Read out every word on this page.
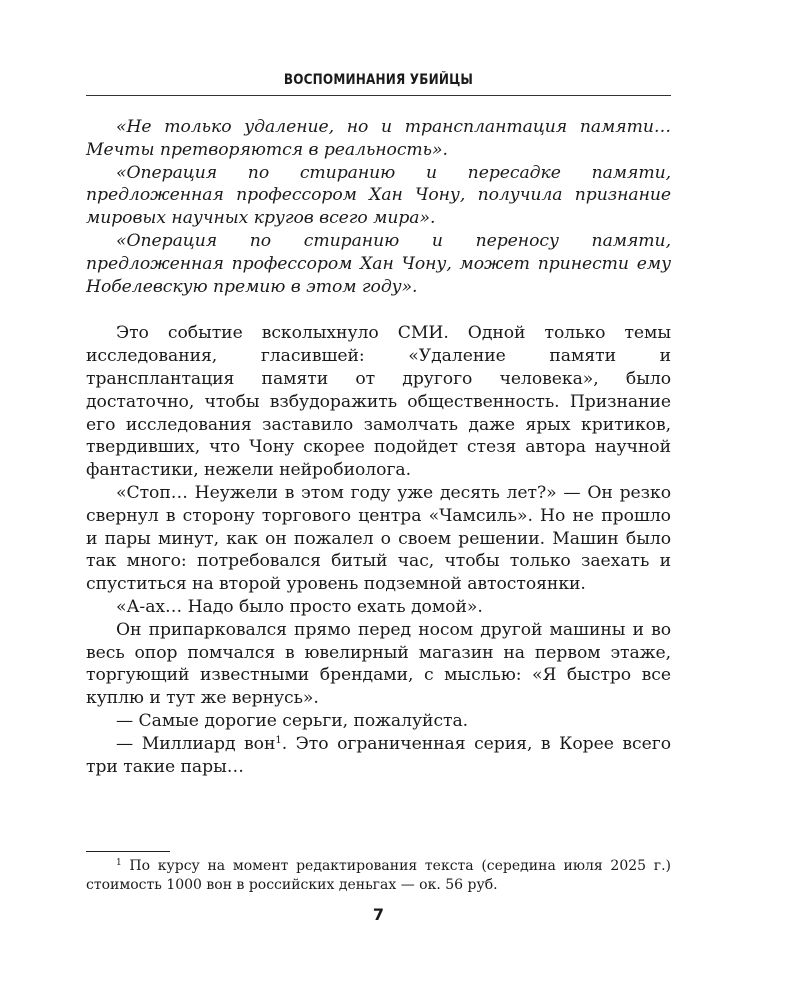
ВОСПОМИНАНИЯ УБИЙЦЫ

«Не только удаление, но и трансплантация памяти… Мечты претворяются в реальность».

«Операция по стиранию и пересадке памяти, предложенная профессором Хан Чону, получила признание мировых научных кругов всего мира».

«Операция по стиранию и переносу памяти, предложенная профессором Хан Чону, может принести ему Нобелевскую премию в этом году».

Это событие всколыхнуло СМИ. Одной только темы исследования, гласившей: «Удаление памяти и трансплантация памяти от другого человека», было достаточно, чтобы взбудоражить общественность. Признание его исследования заставило замолчать даже ярых критиков, твердивших, что Чону скорее подойдет стезя автора научной фантастики, нежели нейробиолога.

«Стоп… Неужели в этом году уже десять лет?» — Он резко свернул в сторону торгового центра «Чамсиль». Но не прошло и пары минут, как он пожалел о своем решении. Машин было так много: потребовался битый час, чтобы только заехать и спуститься на второй уровень подземной автостоянки.

«А-ах… Надо было просто ехать домой».

Он припарковался прямо перед носом другой машины и во весь опор помчался в ювелирный магазин на первом этаже, торгующий известными брендами, с мыслью: «Я быстро все куплю и тут же вернусь».

— Самые дорогие серьги, пожалуйста.

— Миллиард вон$^1$. Это ограниченная серия, в Корее всего три такие пары…

$^1$ По курсу на момент редактирования текста (середина июля 2025 г.) стоимость 1000 вон в российских деньгах — ок. 56 руб.

7
